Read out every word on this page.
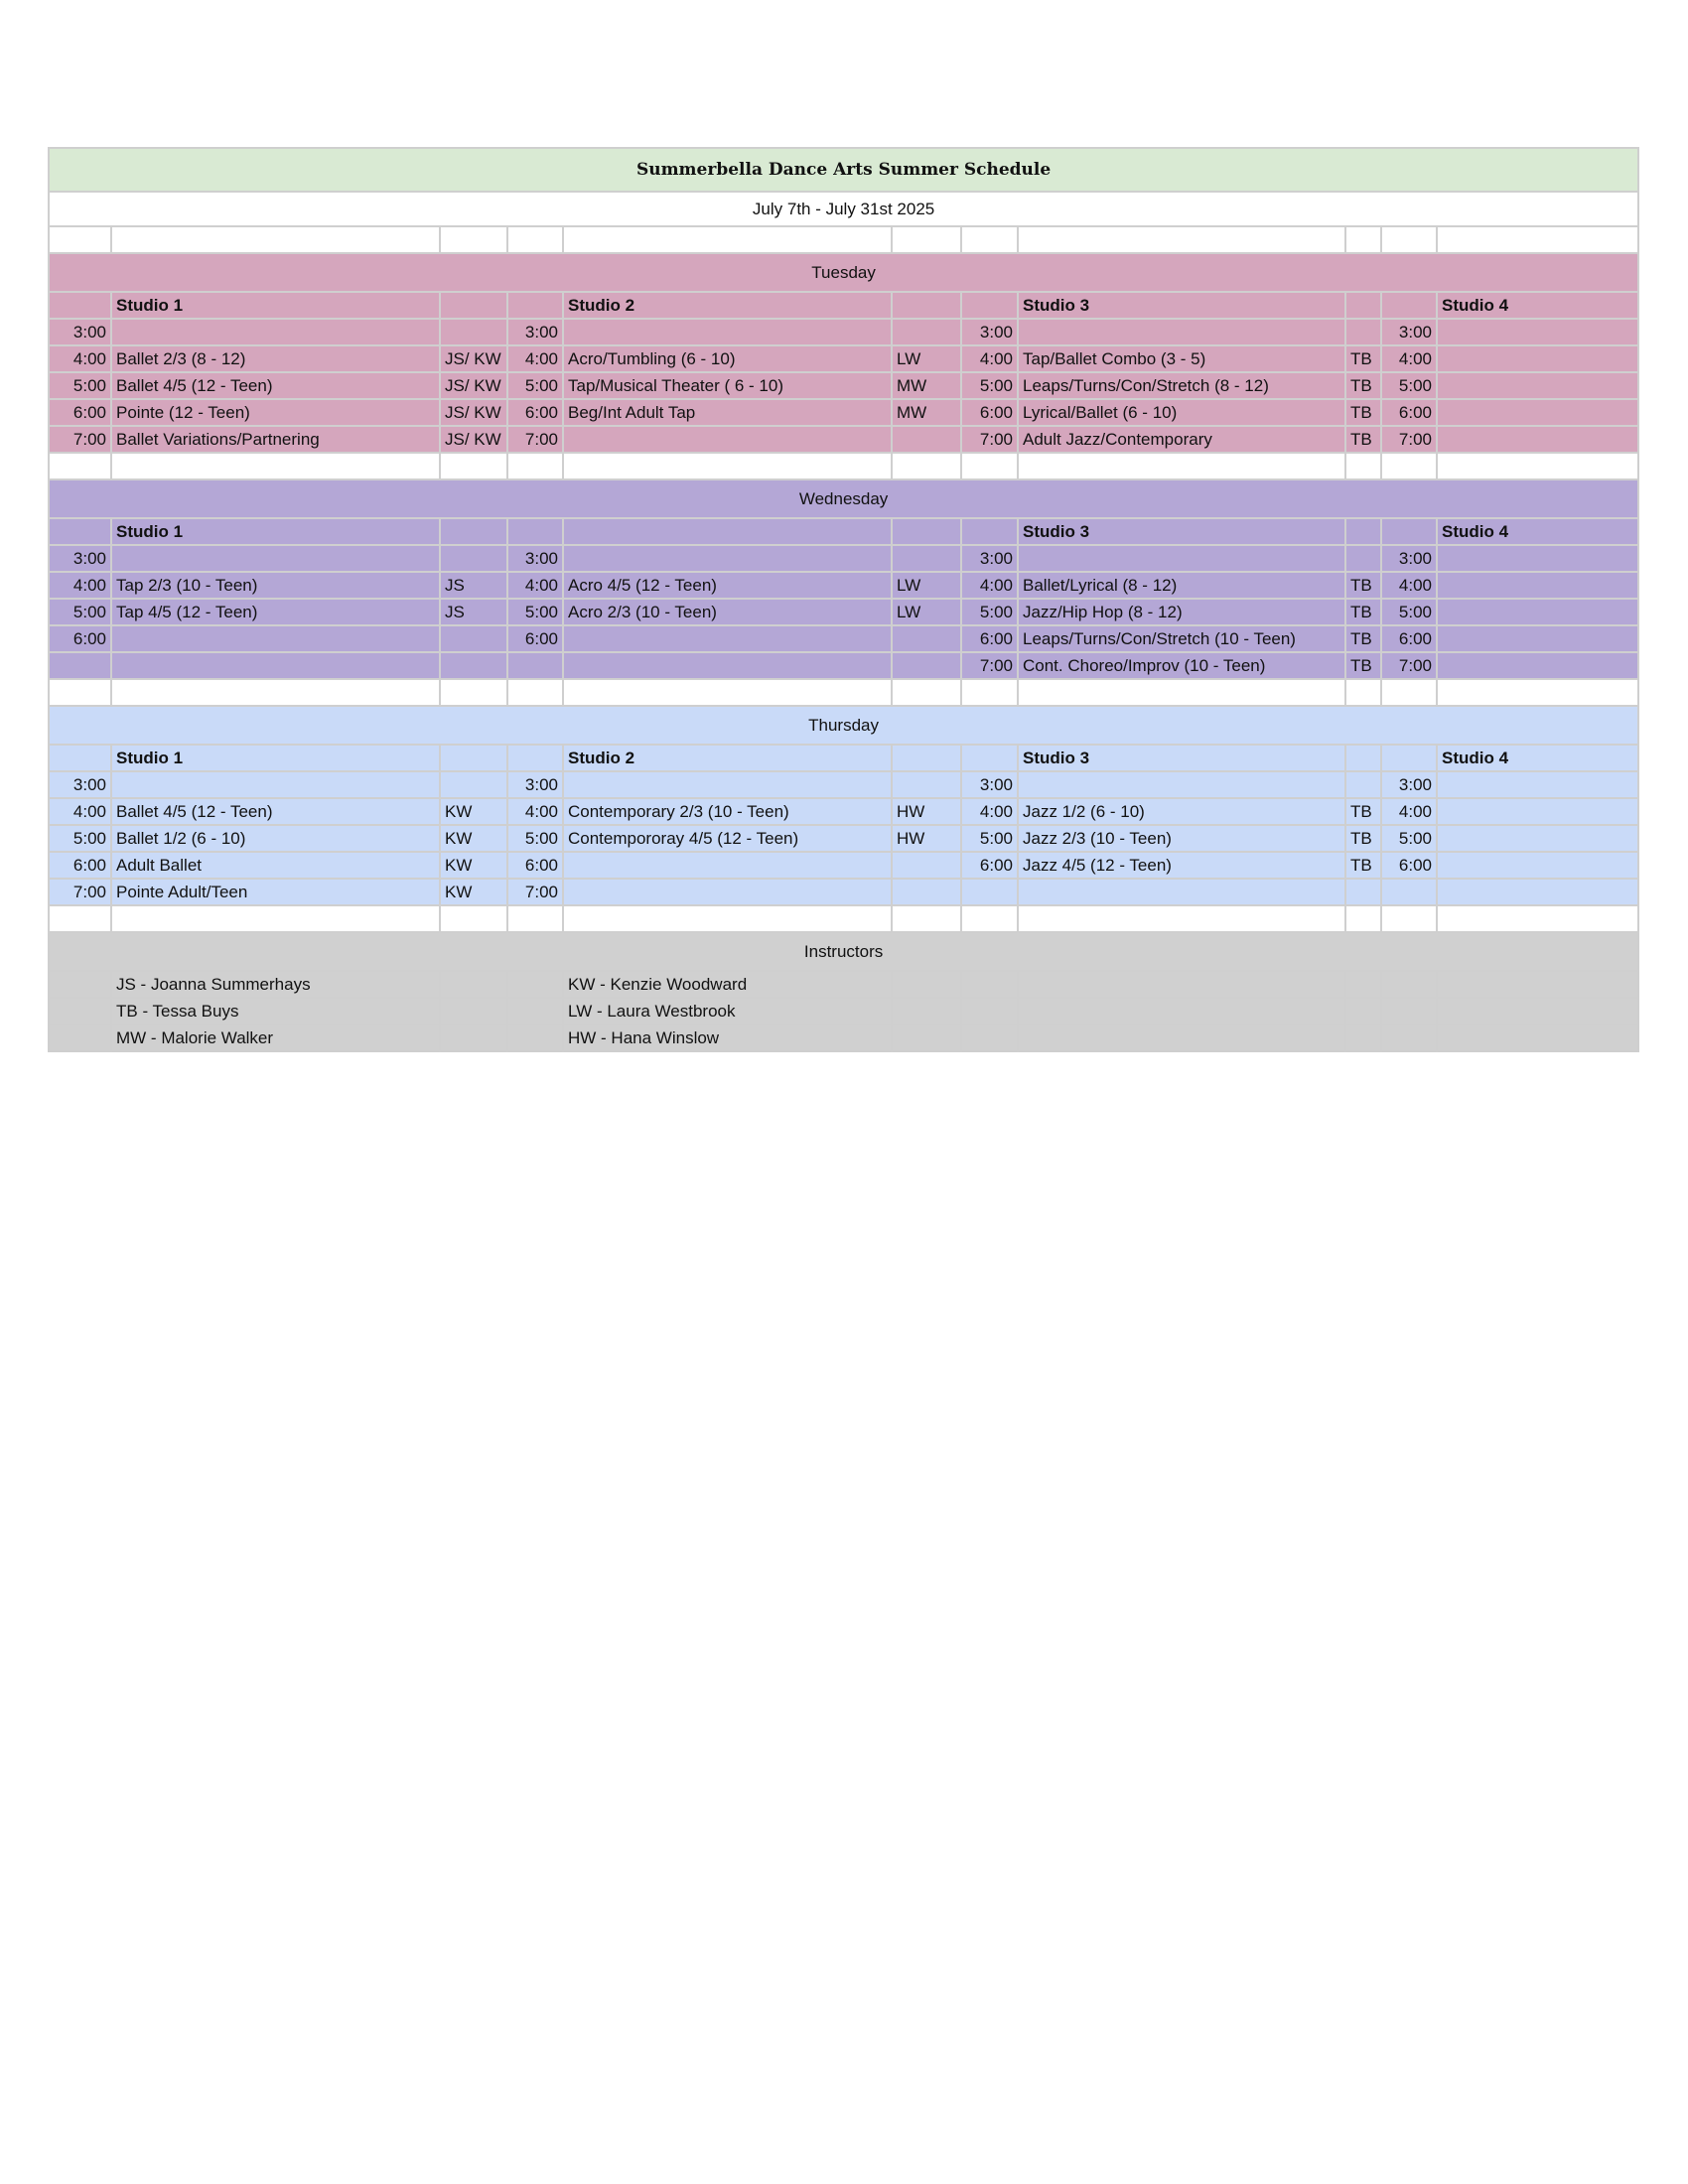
Summerbella Dance Arts Summer Schedule										
July 7th - July 31st 2025										

Tuesday										
	Studio 1			Studio 2			Studio 3			Studio 4
3:00			3:00			3:00			3:00	
4:00	Ballet 2/3 (8 - 12)	JS/ KW	4:00	Acro/Tumbling (6 - 10)	LW	4:00	Tap/Ballet Combo (3 - 5)	TB	4:00	
5:00	Ballet 4/5 (12 - Teen)	JS/ KW	5:00	Tap/Musical Theater ( 6 - 10)	MW	5:00	Leaps/Turns/Con/Stretch (8 - 12)	TB	5:00	
6:00	Pointe (12 - Teen)	JS/ KW	6:00	Beg/Int Adult Tap	MW	6:00	Lyrical/Ballet (6 - 10)	TB	6:00	
7:00	Ballet Variations/Partnering	JS/ KW	7:00			7:00	Adult Jazz/Contemporary	TB	7:00	

Wednesday										
	Studio 1						Studio 3			Studio 4
3:00			3:00			3:00			3:00	
4:00	Tap 2/3 (10 - Teen)	JS	4:00	Acro 4/5 (12 - Teen)	LW	4:00	Ballet/Lyrical (8 - 12)	TB	4:00	
5:00	Tap 4/5 (12 - Teen)	JS	5:00	Acro 2/3 (10 - Teen)	LW	5:00	Jazz/Hip Hop (8 - 12)	TB	5:00	
6:00			6:00			6:00	Leaps/Turns/Con/Stretch (10 - Teen)	TB	6:00	
						7:00	Cont. Choreo/Improv (10 - Teen)	TB	7:00	

Thursday										
	Studio 1			Studio 2			Studio 3			Studio 4
3:00			3:00			3:00			3:00	
4:00	Ballet 4/5 (12 - Teen)	KW	4:00	Contemporary 2/3 (10 - Teen)	HW	4:00	Jazz 1/2 (6 - 10)	TB	4:00	
5:00	Ballet 1/2 (6 - 10)	KW	5:00	Contempororay 4/5 (12 - Teen)	HW	5:00	Jazz 2/3 (10 - Teen)	TB	5:00	
6:00	Adult Ballet	KW	6:00			6:00	Jazz 4/5 (12 - Teen)	TB	6:00	
7:00	Pointe Adult/Teen	KW	7:00							

Instructors										
	JS - Joanna Summerhays			KW - Kenzie Woodward						
	TB - Tessa Buys			LW - Laura Westbrook						
	MW - Malorie Walker			HW - Hana Winslow						
